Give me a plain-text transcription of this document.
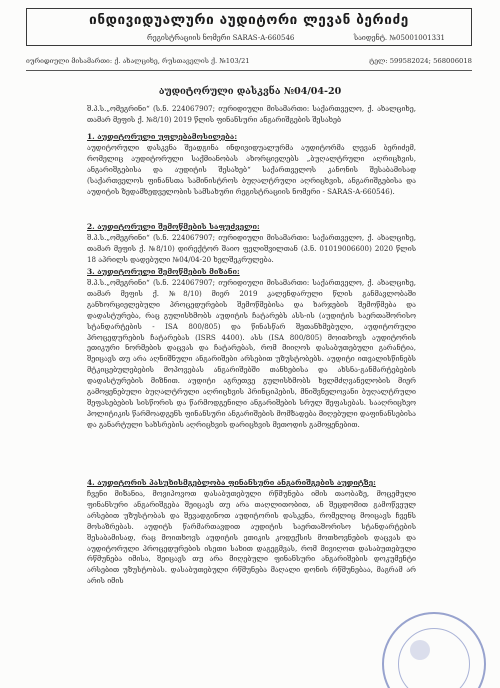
ინდივიდუალური აუდიტორი ლევან ბერიძე
რეგისტრაციის ნომერი SARAS-A-660546	საიდენტ. №05001001331
იურიდიული მისამართი: ქ. ახალციხე, რუსთაველის ქ. №103/21	ტელ: 599582024; 568006018
აუდიტორული დასკვნა №04/04-20
შ.პ.ს.„ომეგრინი“ (ს.ნ. 224067907; იურიდიული მისამართი: საქართველო, ქ. ახალციხე, თამარ მეფის ქ. №8/10) 2019 წლის ფინანსური ანგარიშგების შესახებ
1. აუდიტორული უფლებამოსილება:
აუდიტორული დასკვნა შეადგინა ინდივიდუალურმა აუდიტორმა ლევან ბერიძემ, რომელიც აუდიტორული საქმიანობას ახორციელებს „ბუღალტრული აღრიცხვის, ანგარიშგებისა და აუდიტის შესახებ“ საქართველოს კანონის შესაბამისად (საქართველოს ფინანსთა სამინისტროს ბუღალტრული აღრიცხვის, ანგარიშგებისა და აუდიტის ზედამხედველობის სამსახური რეგისტრაციის ნომერი - SARAS-A-660546).
2. აუდიტორული შემოწმების საფუძველი:
შ.პ.ს.„ომეგრინი“ (ს.ნ. 224067907; იურიდიული მისამართი: საქართველო, ქ. ახალციხე, თამარ მეფის ქ. №8/10) დირექტორ შაიო ფელიშვილთან (პ.ნ. 01019006600) 2020 წლის 18 აპრილს დადებული №04/04-20 ხელშეკრულება.
3. აუდიტორული შემოწმების მიზანი:
შ.პ.ს.„ომეგრინი“ (ს.ნ. 224067907; იურიდიული მისამართი: საქართველო, ქ. ახალციხე, თამარ მეფის ქ. №8/10) მიერ 2019 კალენდარული წლის განმავლობაში განხორციელებული პროცედურების შემოწმებისა და ხარჯების შემოწმება და დადასტურება, რაც გულისხმობს აუდიტის ჩატარებს ასს-ის (აუდიტის საერთაშორისო სტანდარტების - ISA 800/805) და წინასწარ შეთანხმებული, აუდიტორული პროცედურების ჩატარებას (ISRS 4400). ასს (ISA 800/805) მოითხოვს აუდიტორის ეთიკური ნორმების დაცვას და ჩატარებას, რომ მიიღოს დასაბუთებული გარანტია, შეიცავს თუ არა აღნიშნული ანგარიშები არსებით უზუსტობებს. აუდიტი ითვალისწინებს მტკიცებულებების მოპოვებას ანგარიშებში თანხებისა და ახსნა-განმარტებების დადასტურების მიზნით. აუდიტი აგრეთვე გულისხმობს ხელმძღვანელობის მიერ გამოყენებული ბუღალტრული აღრიცხვის პრინციპების, მნიშვნელოვანი ბუღალტრული შეფასებების სისწორის და წარმოდგენილი ანგარიშების სრულ შეფასებას. სააღრიცხვო პოლიტიკის წარმოადგენს ფინანსური ანგარიშების მომზადება მიღებული დაფინანსებისა და განარტული სახსრების აღრიცხვის დარიცხვის მეთოდის გამოყენებით.
4. აუდიტორის პასუხისმგებლობა ფინანსური ანგარიშგების აუდიტზე:
ჩვენი მიზანია, მოვიპოვოთ დასაბუთებული რწმუნება იმის თაობაზე, მოცემული ფინანსური ანგარიშგება შეიცავს თუ არა თაღლითობით, ან შეცდომით გამოწვეულ არსებით უზუსტობას და შევადგინოთ აუდიტორის დასკვნა, რომელიც მოიცავს ჩვენს მოსაზრებას. აუდიტს წარმართავდით აუდიტის საერთაშორისო სტანდარტების შესაბამისად, რაც მოითხოვს აუდიტის ეთიკის კოდექსის მოთხოვნების დაცვას და აუდიტორული პროცედურების ისეთი სახით დაგეგმვას, რომ მივიღოთ დასაბუთებული რწმუნება იმისა, შეიცავს თუ არა მიღებული ფინანსური ანგარიშების დოკუმენტი არსებით უზუსტობას. დასაბუთებული რწმუნება მაღალი დონის რწმუნებაა, მაგრამ არ არის იმის
